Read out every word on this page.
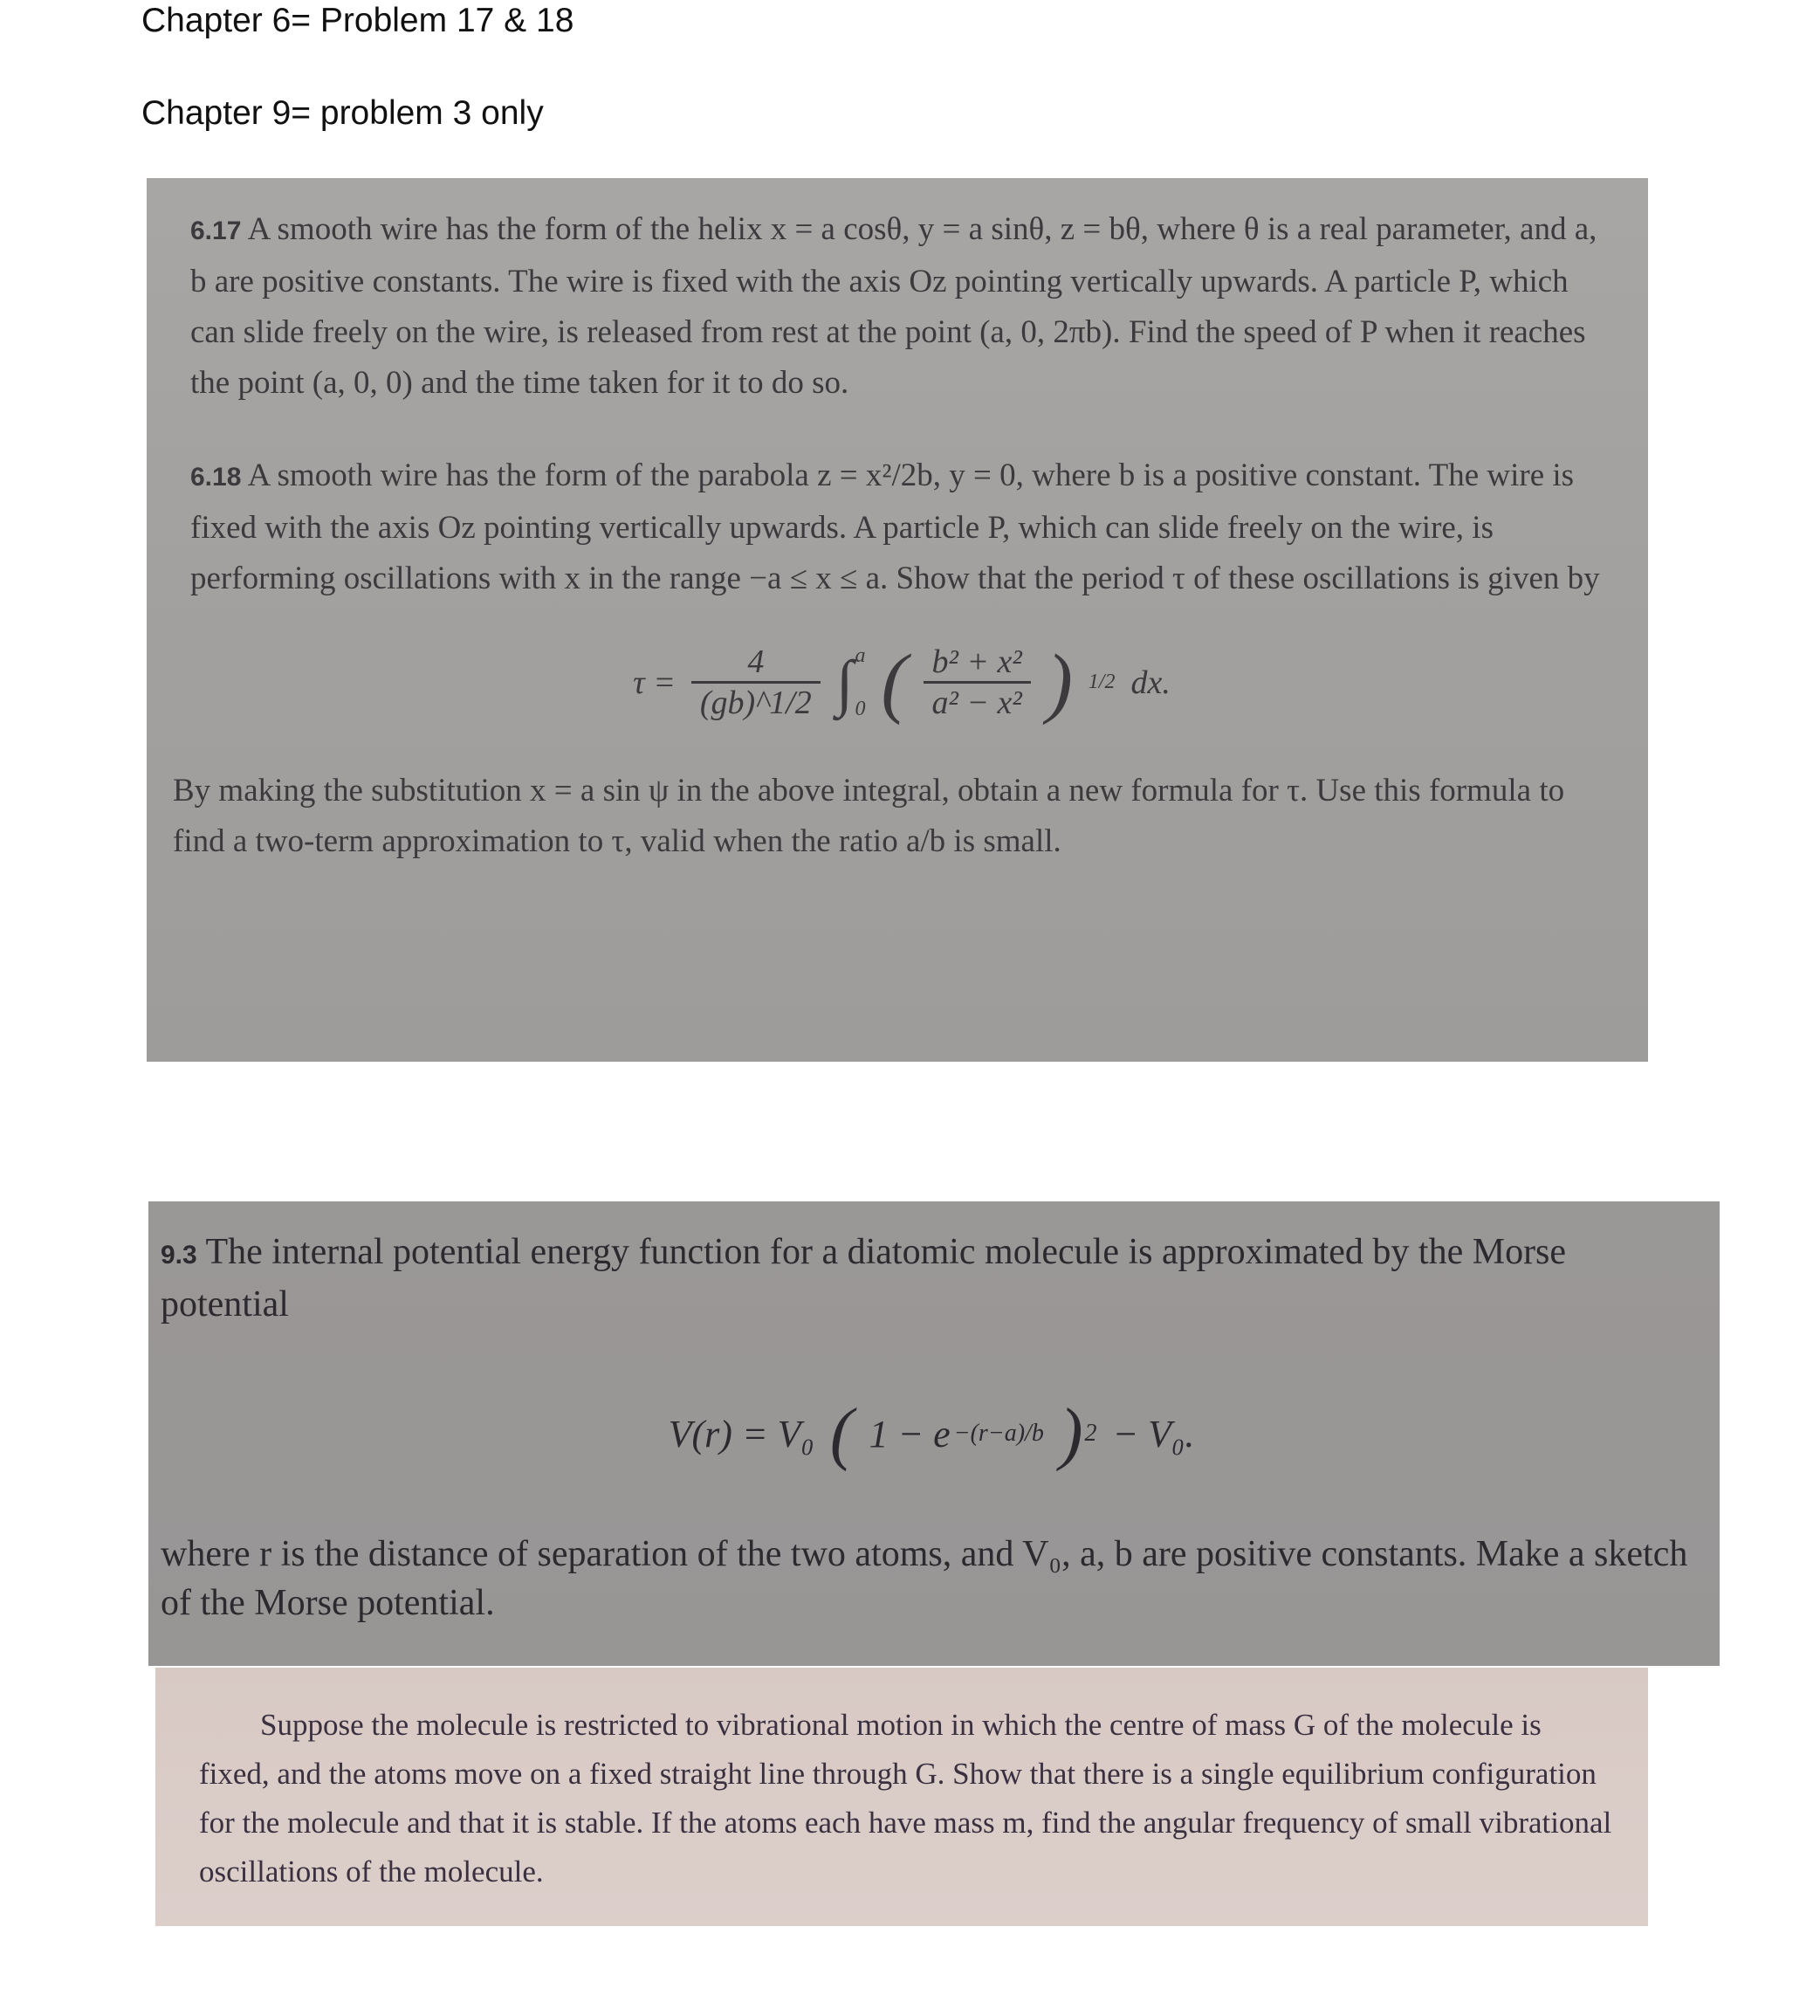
Chapter 6= Problem 17 & 18
Chapter 9= problem 3 only

6.17 A smooth wire has the form of the helix x = a cosθ, y = a sinθ, z = bθ, where θ is a real parameter, and a, b are positive constants. The wire is fixed with the axis Oz pointing vertically upwards. A particle P, which can slide freely on the wire, is released from rest at the point (a, 0, 2πb). Find the speed of P when it reaches the point (a, 0, 0) and the time taken for it to do so.

6.18 A smooth wire has the form of the parabola z = x²/2b, y = 0, where b is a positive constant. The wire is fixed with the axis Oz pointing vertically upwards. A particle P, which can slide freely on the wire, is performing oscillations with x in the range −a ≤ x ≤ a. Show that the period τ of these oscillations is given by

$\tau = \frac{4}{(gb)\^{}1/2}$ ∫ a
0 ( $\frac{\text{b² + x²}}{\text{a² − x²}}$ ) 1/2 dx.

By making the substitution x = a sin ψ in the above integral, obtain a new formula for τ. Use this formula to find a two-term approximation to τ, valid when the ratio a/b is small.

9.3 The internal potential energy function for a diatomic molecule is approximated by the Morse potential

V(r) = V₀ ( 1 − e −(r−a)/b ) 2 − V₀.

where r is the distance of separation of the two atoms, and V₀, a, b are positive constants. Make a sketch of the Morse potential.

Suppose the molecule is restricted to vibrational motion in which the centre of mass G of the molecule is fixed, and the atoms move on a fixed straight line through G. Show that there is a single equilibrium configuration for the molecule and that it is stable. If the atoms each have mass m, find the angular frequency of small vibrational oscillations of the molecule.
